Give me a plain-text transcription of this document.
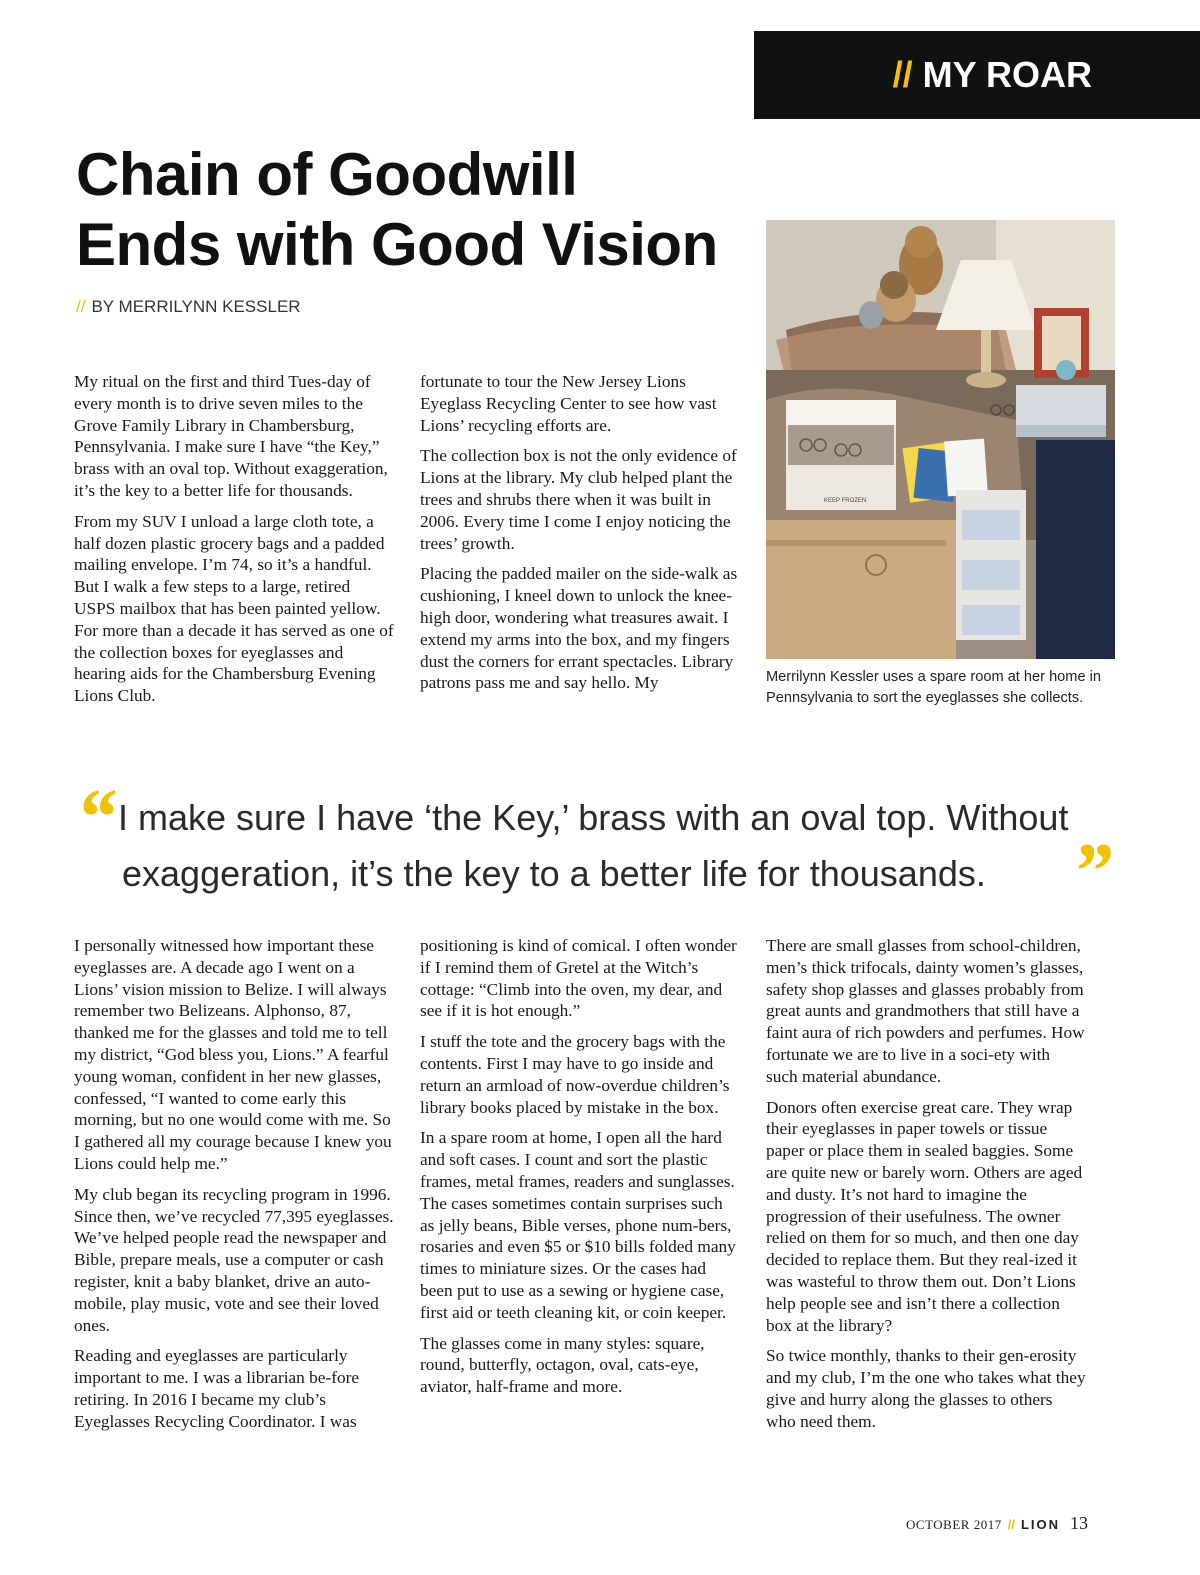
// MY ROAR
Chain of Goodwill
Ends with Good Vision
// BY MERRILYNN KESSLER

My ritual on the first and third Tues-day of every month is to drive seven miles to the Grove Family Library in Chambersburg, Pennsylvania. I make sure I have “the Key,” brass with an oval top. Without exaggeration, it’s the key to a better life for thousands.

From my SUV I unload a large cloth tote, a half dozen plastic grocery bags and a padded mailing envelope. I’m 74, so it’s a handful. But I walk a few steps to a large, retired USPS mailbox that has been painted yellow. For more than a decade it has served as one of the collection boxes for eyeglasses and hearing aids for the Chambersburg Evening Lions Club.

fortunate to tour the New Jersey Lions Eyeglass Recycling Center to see how vast Lions’ recycling efforts are.

The collection box is not the only evidence of Lions at the library. My club helped plant the trees and shrubs there when it was built in 2006. Every time I come I enjoy noticing the trees’ growth.

Placing the padded mailer on the side-walk as cushioning, I kneel down to unlock the knee-high door, wondering what treasures await. I extend my arms into the box, and my fingers dust the corners for errant spectacles. Library patrons pass me and say hello. My

KEEP FROZEN
Merrilynn Kessler uses a spare room at her home in Pennsylvania to sort the eyeglasses she collects.
“ I make sure I have ‘the Key,’ brass with an oval top. Without
exaggeration, it’s the key to a better life for thousands. ”

I personally witnessed how important these eyeglasses are. A decade ago I went on a Lions’ vision mission to Belize. I will always remember two Belizeans. Alphonso, 87, thanked me for the glasses and told me to tell my district, “God bless you, Lions.” A fearful young woman, confident in her new glasses, confessed, “I wanted to come early this morning, but no one would come with me. So I gathered all my courage because I knew you Lions could help me.”

My club began its recycling program in 1996. Since then, we’ve recycled 77,395 eyeglasses. We’ve helped people read the newspaper and Bible, prepare meals, use a computer or cash register, knit a baby blanket, drive an auto-mobile, play music, vote and see their loved ones.

Reading and eyeglasses are particularly important to me. I was a librarian be-fore retiring. In 2016 I became my club’s Eyeglasses Recycling Coordinator. I was

positioning is kind of comical. I often wonder if I remind them of Gretel at the Witch’s cottage: “Climb into the oven, my dear, and see if it is hot enough.”

I stuff the tote and the grocery bags with the contents. First I may have to go inside and return an armload of now-overdue children’s library books placed by mistake in the box.

In a spare room at home, I open all the hard and soft cases. I count and sort the plastic frames, metal frames, readers and sunglasses. The cases sometimes contain surprises such as jelly beans, Bible verses, phone num-bers, rosaries and even $5 or $10 bills folded many times to miniature sizes. Or the cases had been put to use as a sewing or hygiene case, first aid or teeth cleaning kit, or coin keeper.

The glasses come in many styles: square, round, butterfly, octagon, oval, cats-eye, aviator, half-frame and more.

There are small glasses from school-children, men’s thick trifocals, dainty women’s glasses, safety shop glasses and glasses probably from great aunts and grandmothers that still have a faint aura of rich powders and perfumes. How fortunate we are to live in a soci-ety with such material abundance.

Donors often exercise great care. They wrap their eyeglasses in paper towels or tissue paper or place them in sealed baggies. Some are quite new or barely worn. Others are aged and dusty. It’s not hard to imagine the progression of their usefulness. The owner relied on them for so much, and then one day decided to replace them. But they real-ized it was wasteful to throw them out. Don’t Lions help people see and isn’t there a collection box at the library?

So twice monthly, thanks to their gen-erosity and my club, I’m the one who takes what they give and hurry along the glasses to others who need them.

OCTOBER 2017 // LION 13
